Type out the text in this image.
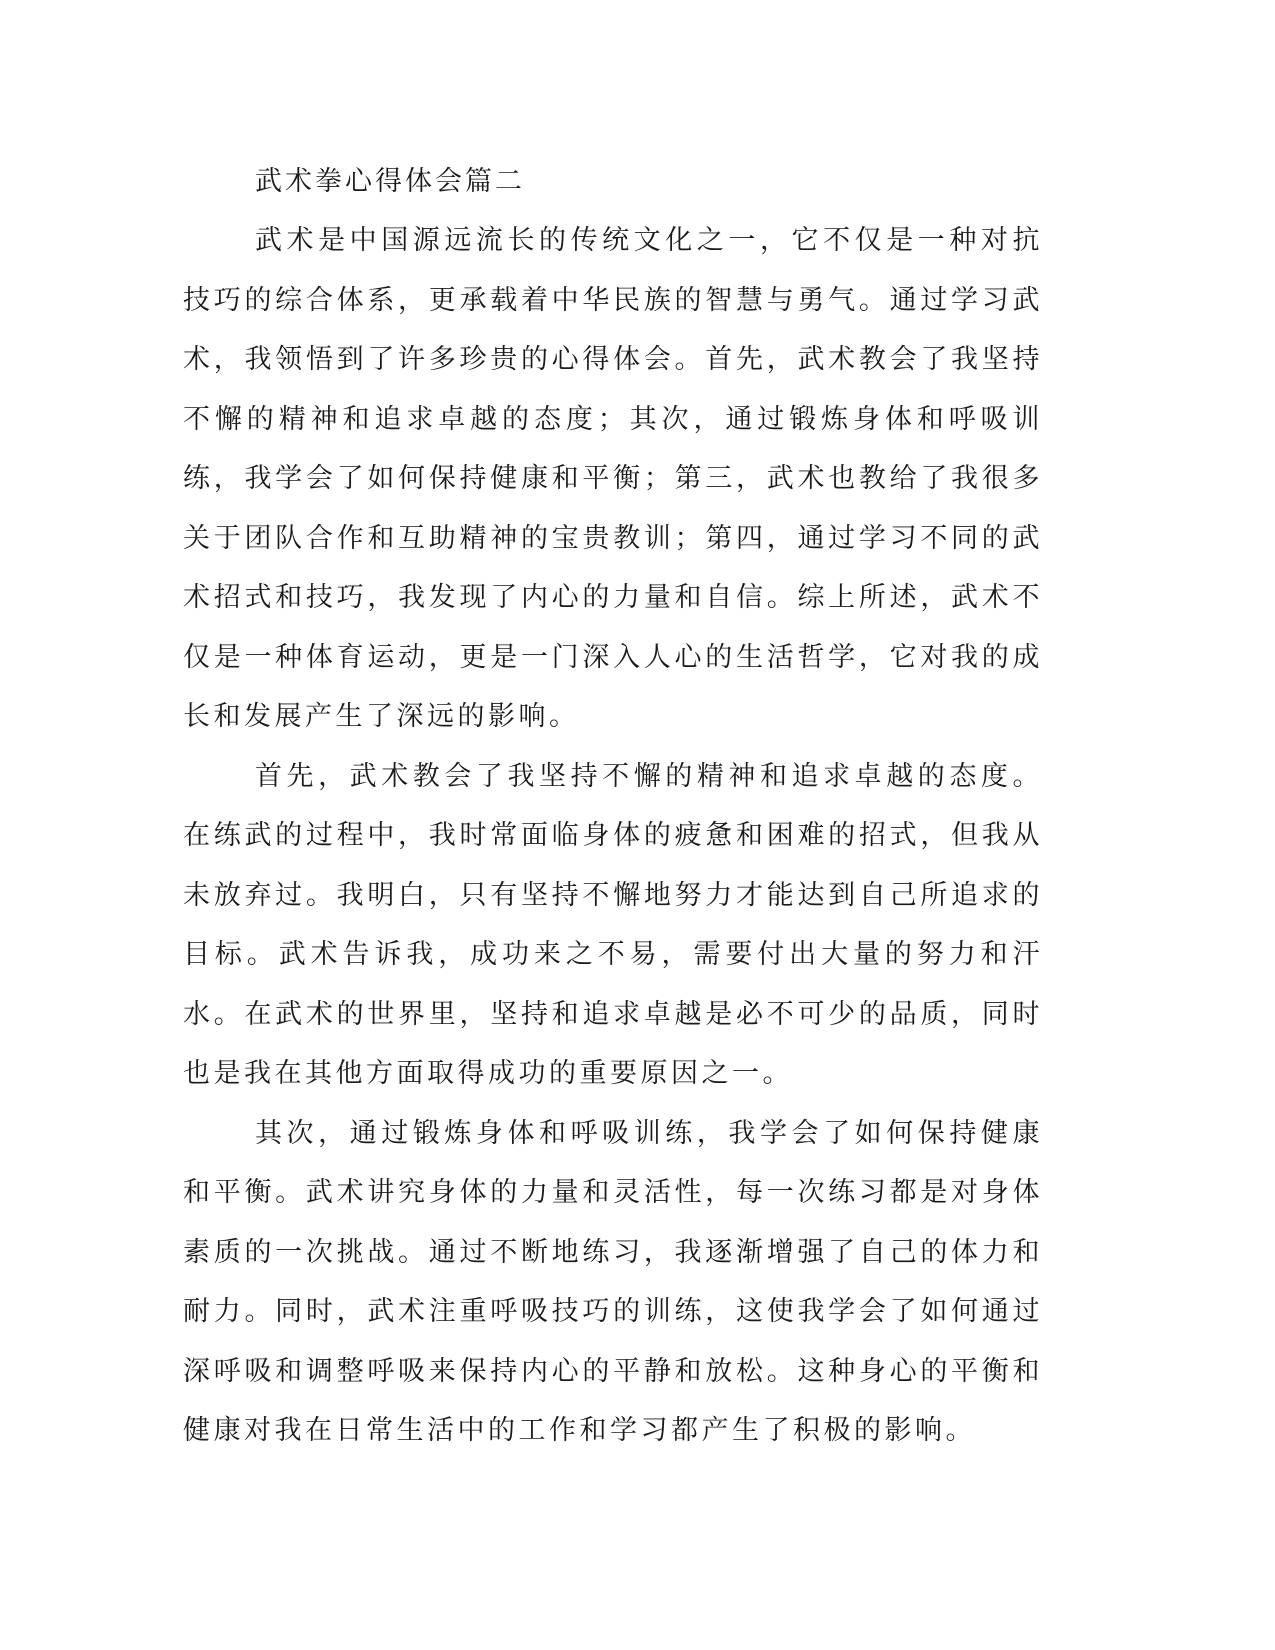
武术拳心得体会篇二

武术是中国源远流长的传统文化之一，它不仅是一种对抗技巧的综合体系，更承载着中华民族的智慧与勇气。通过学习武术，我领悟到了许多珍贵的心得体会。首先，武术教会了我坚持不懈的精神和追求卓越的态度；其次，通过锻炼身体和呼吸训练，我学会了如何保持健康和平衡；第三，武术也教给了我很多关于团队合作和互助精神的宝贵教训；第四，通过学习不同的武术招式和技巧，我发现了内心的力量和自信。综上所述，武术不仅是一种体育运动，更是一门深入人心的生活哲学，它对我的成长和发展产生了深远的影响。

首先，武术教会了我坚持不懈的精神和追求卓越的态度。在练武的过程中，我时常面临身体的疲惫和困难的招式，但我从未放弃过。我明白，只有坚持不懈地努力才能达到自己所追求的目标。武术告诉我，成功来之不易，需要付出大量的努力和汗水。在武术的世界里，坚持和追求卓越是必不可少的品质，同时也是我在其他方面取得成功的重要原因之一。

其次，通过锻炼身体和呼吸训练，我学会了如何保持健康和平衡。武术讲究身体的力量和灵活性，每一次练习都是对身体素质的一次挑战。通过不断地练习，我逐渐增强了自己的体力和耐力。同时，武术注重呼吸技巧的训练，这使我学会了如何通过深呼吸和调整呼吸来保持内心的平静和放松。这种身心的平衡和健康对我在日常生活中的工作和学习都产生了积极的影响。
